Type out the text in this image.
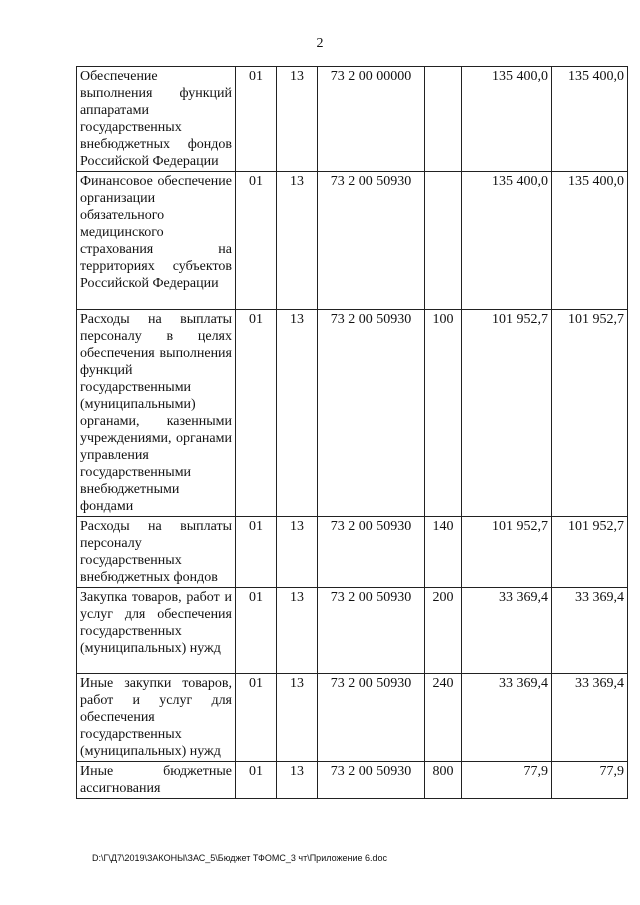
2
Обеспечение выполнения функций аппаратами государственных внебюджетных фондов Российской Федерации	01	13	73 2 00 00000		135 400,0	135 400,0
Финансовое обеспечение организации обязательного медицинского страхования на территориях субъектов Российской Федерации	01	13	73 2 00 50930		135 400,0	135 400,0
Расходы на выплаты персоналу в целях обеспечения выполнения функций государственными (муниципальными) органами, казенными учреждениями, органами управления государственными внебюджетными фондами	01	13	73 2 00 50930	100	101 952,7	101 952,7
Расходы на выплаты персоналу государственных внебюджетных фондов	01	13	73 2 00 50930	140	101 952,7	101 952,7
Закупка товаров, работ и услуг для обеспечения государственных (муниципальных) нужд	01	13	73 2 00 50930	200	33 369,4	33 369,4
Иные закупки товаров, работ и услуг для обеспечения государственных (муниципальных) нужд	01	13	73 2 00 50930	240	33 369,4	33 369,4
Иные бюджетные ассигнования	01	13	73 2 00 50930	800	77,9	77,9
D:\Г\Д7\2019\ЗАКОНЫ\ЗАС_5\Бюджет ТФОМС_3 чт\Приложение 6.doc
